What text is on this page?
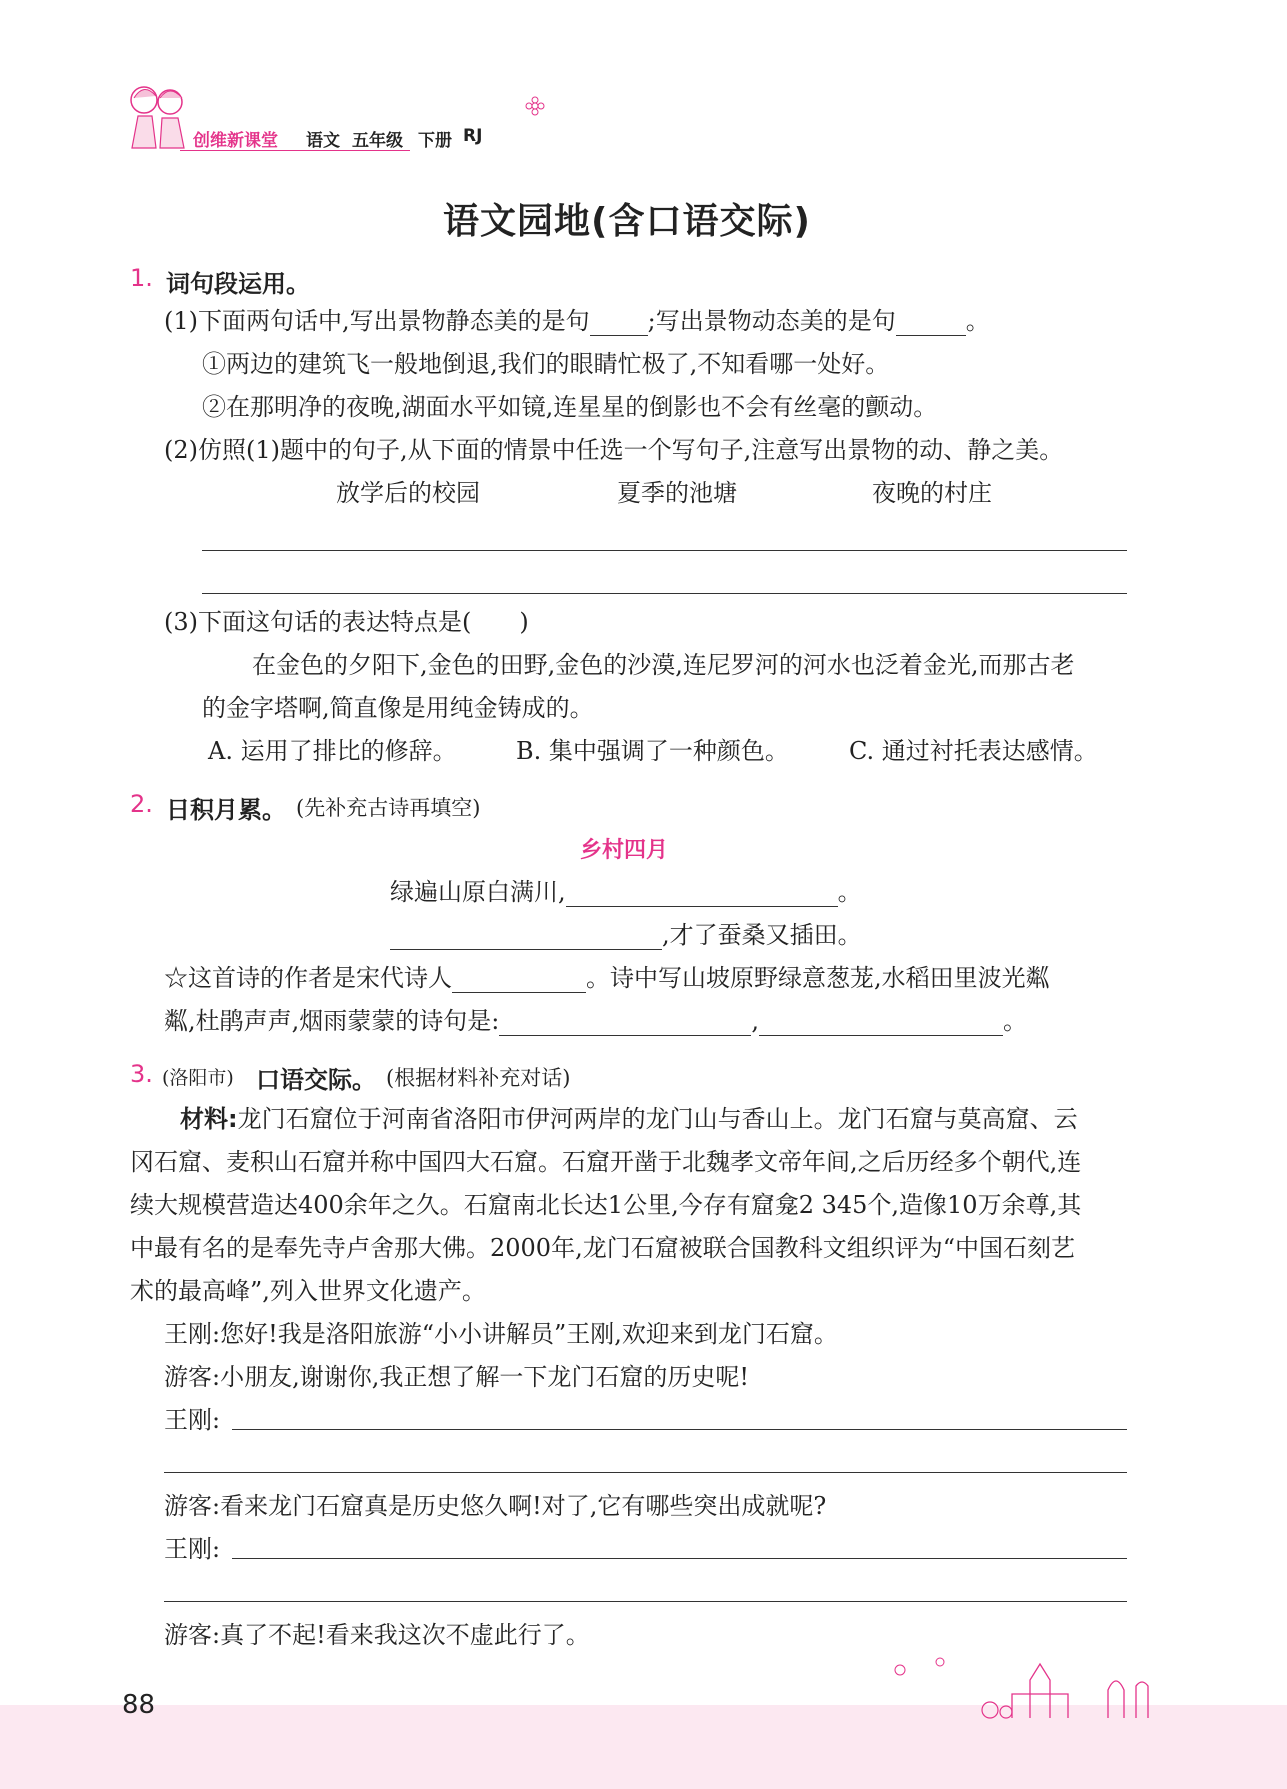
创维新课堂 语文 五年级 下册 RJ
语文园地(含口语交际)
1. 词句段运用。
(1)下面两句话中,写出景物静态美的是句 ;写出景物动态美的是句	。
①两边的建筑飞一般地倒退,我们的眼睛忙极了,不知看哪一处好。
②在那明净的夜晚,湖面水平如镜,连星星的倒影也不会有丝毫的颤动。
(2)仿照(1)题中的句子,从下面的情景中任选一个写句子,注意写出景物的动、静之美。
放学后的校园	夏季的池塘	夜晚的村庄
(3)下面这句话的表达特点是(　　)
在金色的夕阳下,金色的田野,金色的沙漠,连尼罗河的河水也泛着金光,而那古老
的金字塔啊,简直像是用纯金铸成的。
A. 运用了排比的修辞。 B. 集中强调了一种颜色。	C. 通过衬托表达感情。
2. 日积月累。 (先补充古诗再填空)
乡村四月
绿遍山原白满川,	。
,才了蚕桑又插田。
☆这首诗的作者是宋代诗人	。诗中写山坡原野绿意葱茏,水稻田里波光粼
粼,杜鹃声声,烟雨蒙蒙的诗句是:	,	。
3. (洛阳市) 口语交际。 (根据材料补充对话)
材料:龙门石窟位于河南省洛阳市伊河两岸的龙门山与香山上。龙门石窟与莫高窟、云
冈石窟、麦积山石窟并称中国四大石窟。石窟开凿于北魏孝文帝年间,之后历经多个朝代,连
续大规模营造达400余年之久。石窟南北长达1公里,今存有窟龛2 345个,造像10万余尊,其
中最有名的是奉先寺卢舍那大佛。2000年,龙门石窟被联合国教科文组织评为“中国石刻艺
术的最高峰”,列入世界文化遗产。
王刚:您好!我是洛阳旅游“小小讲解员”王刚,欢迎来到龙门石窟。
游客:小朋友,谢谢你,我正想了解一下龙门石窟的历史呢!
王刚:
游客:看来龙门石窟真是历史悠久啊!对了,它有哪些突出成就呢?
王刚:
游客:真了不起!看来我这次不虚此行了。
88
